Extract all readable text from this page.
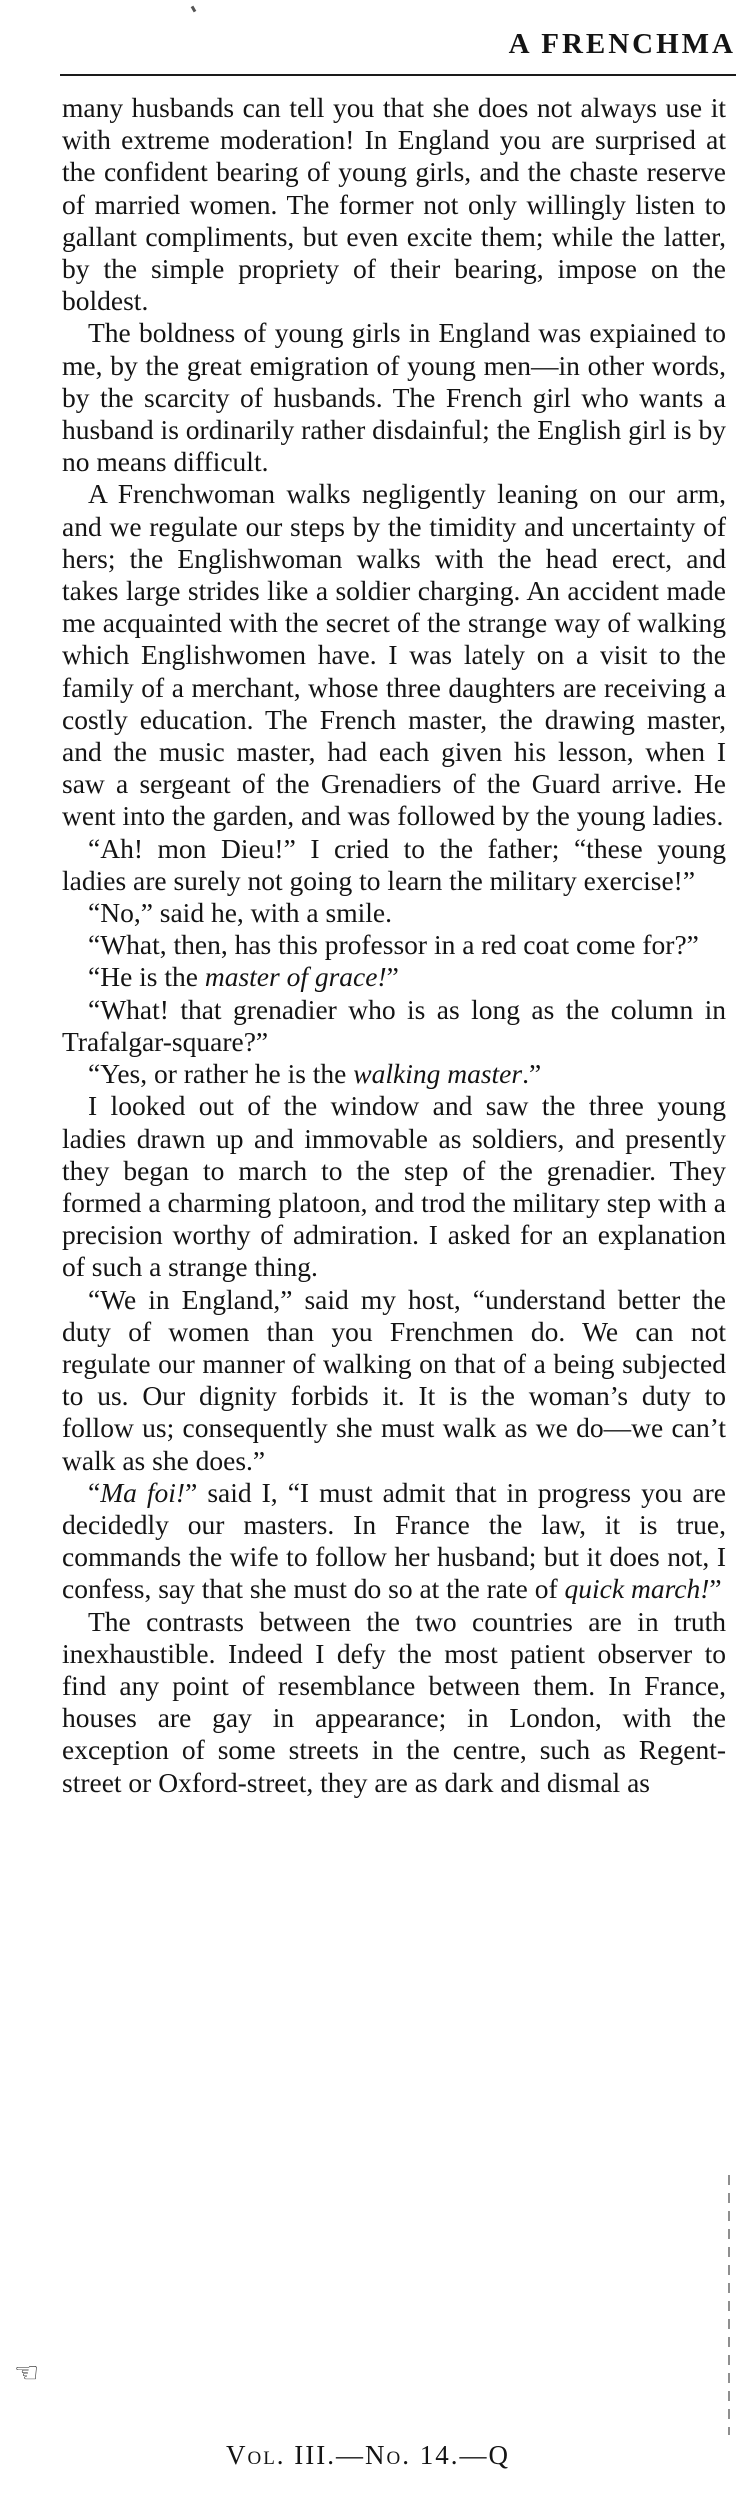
A FRENCHMA

many husbands can tell you that she does not always use it with extreme moderation! In England you are surprised at the confident bearing of young girls, and the chaste reserve of married women. The former not only willingly listen to gallant compliments, but even excite them; while the latter, by the simple propriety of their bearing, impose on the boldest.

The boldness of young girls in England was expiained to me, by the great emigration of young men—in other words, by the scarcity of husbands. The French girl who wants a husband is ordinarily rather disdainful; the English girl is by no means difficult.

A Frenchwoman walks negligently leaning on our arm, and we regulate our steps by the timidity and uncertainty of hers; the Englishwoman walks with the head erect, and takes large strides like a soldier charging. An accident made me acquainted with the secret of the strange way of walking which Englishwomen have. I was lately on a visit to the family of a merchant, whose three daughters are receiving a costly education. The French master, the drawing master, and the music master, had each given his lesson, when I saw a sergeant of the Grenadiers of the Guard arrive. He went into the garden, and was followed by the young ladies.

“Ah! mon Dieu!” I cried to the father; “these young ladies are surely not going to learn the military exercise!”

“No,” said he, with a smile.

“What, then, has this professor in a red coat come for?”

“He is the master of grace!”

“What! that grenadier who is as long as the column in Trafalgar-square?”

“Yes, or rather he is the walking master.”

I looked out of the window and saw the three young ladies drawn up and immovable as soldiers, and presently they began to march to the step of the grenadier. They formed a charming platoon, and trod the military step with a precision worthy of admiration. I asked for an explanation of such a strange thing.

“We in England,” said my host, “understand better the duty of women than you Frenchmen do. We can not regulate our manner of walking on that of a being subjected to us. Our dignity forbids it. It is the woman’s duty to follow us; consequently she must walk as we do—we can’t walk as she does.”

“Ma foi!” said I, “I must admit that in progress you are decidedly our masters. In France the law, it is true, commands the wife to follow her husband; but it does not, I confess, say that she must do so at the rate of quick march!”

The contrasts between the two countries are in truth inexhaustible. Indeed I defy the most patient observer to find any point of resemblance between them. In France, houses are gay in appearance; in London, with the exception of some streets in the centre, such as Regent-street or Oxford-street, they are as dark and dismal as

☜
Vol. III.—No. 14.—Q
